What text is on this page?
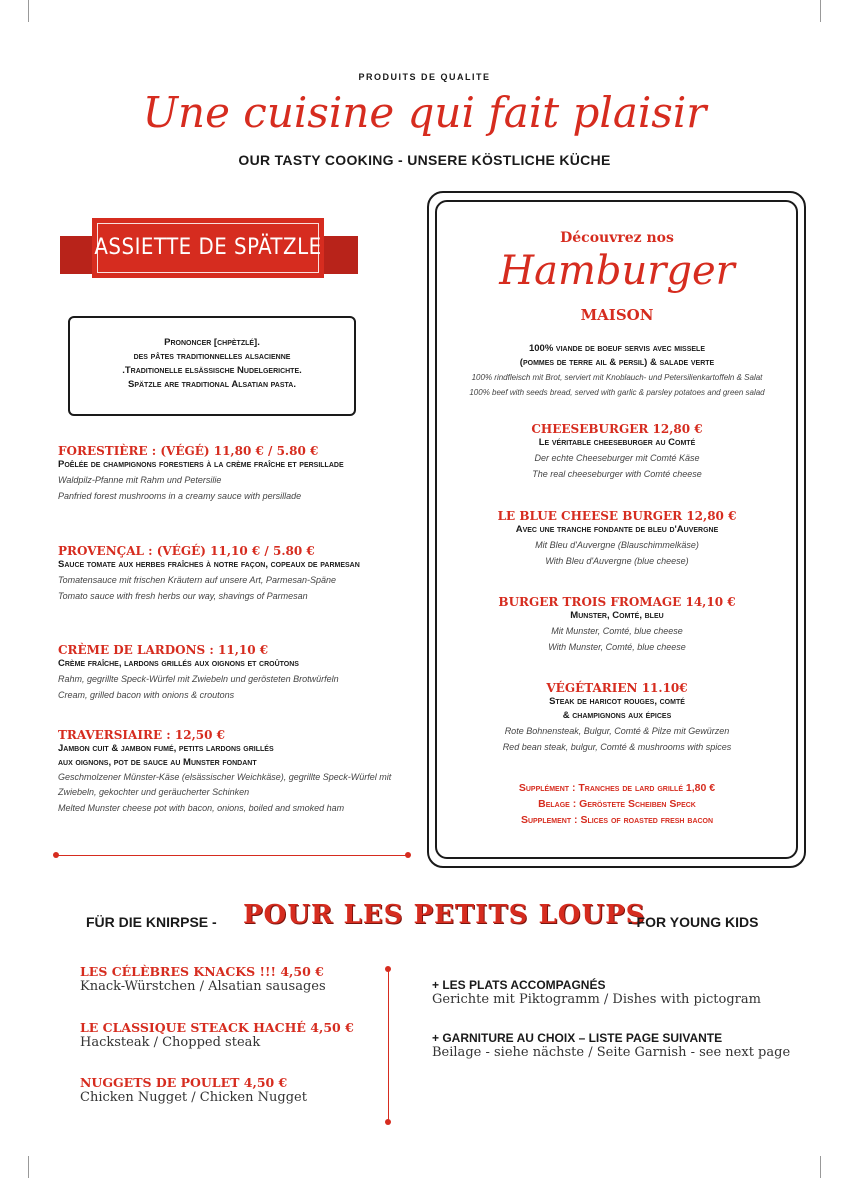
PRODUITS DE QUALITE
Une cuisine qui fait plaisir
OUR TASTY COOKING - UNSERE KÖSTLICHE KÜCHE
ASSIETTE DE SPÄTZLE
Prononcer [chpètzlé].
des pâtes traditionnelles alsacienne
.Traditionelle elsässische Nudelgerichte.
Spätzle are traditional Alsatian pasta.
FORESTIÈRE : (VÉGÉ) 11,80 € / 5.80 €
Poêlée de champignons forestiers à la crème fraîche et persillade
Waldpilz-Pfanne mit Rahm und Petersilie
Panfried forest mushrooms in a creamy sauce with persillade
PROVENÇAL : (VÉGÉ) 11,10 € / 5.80 €
Sauce tomate aux herbes fraîches à notre façon, copeaux de parmesan
Tomatensauce mit frischen Kräutern auf unsere Art, Parmesan-Späne
Tomato sauce with fresh herbs our way, shavings of Parmesan
CRÈME DE LARDONS : 11,10 €
Crème fraîche, lardons grillés aux oignons et croûtons
Rahm, gegrillte Speck-Würfel mit Zwiebeln und gerösteten Brotwürfeln
Cream, grilled bacon with onions & croutons
TRAVERSIAIRE : 12,50 €
Jambon cuit & jambon fumé, petits lardons grillés
aux oignons, pot de sauce au Munster fondant
Geschmolzener Münster-Käse (elsässischer Weichkäse), gegrillte Speck-Würfel mit Zwiebeln, gekochter und geräucherter Schinken
Melted Munster cheese pot with bacon, onions, boiled and smoked ham
Découvrez nos
Hamburger
MAISON
100% viande de boeuf servis avec missele
(pommes de terre ail & persil) & salade verte
100% rindfleisch mit Brot, serviert mit Knoblauch- und Petersilienkartoffeln & Salat
100% beef with seeds bread, served with garlic & parsley potatoes and green salad
CHEESEBURGER 12,80 €
Le véritable cheeseburger au Comté
Der echte Cheeseburger mit Comté Käse
The real cheeseburger with Comté cheese
LE BLUE CHEESE BURGER 12,80 €
Avec une tranche fondante de bleu d'Auvergne
Mit Bleu d'Auvergne (Blauschimmelkäse)
With Bleu d'Auvergne (blue cheese)
BURGER TROIS FROMAGE 14,10 €
Munster, Comté, bleu
Mit Munster, Comté, blue cheese
With Munster, Comté, blue cheese
VÉGÉTARIEN 11.10€
Steak de haricot rouges, comté
& champignons aux épices
Rote Bohnensteak, Bulgur, Comté & Pilze mit Gewürzen
Red bean steak, bulgur, Comté & mushrooms with spices
Supplément : Tranches de lard grillé 1,80 €
Belage : Geröstete Scheiben Speck
Supplement : Slices of roasted fresh bacon
FÜR DIE KNIRPSE - POUR LES PETITS LOUPS
- FOR YOUNG KIDS
LES CÉLÈBRES KNACKS !!! 4,50 €
Knack-Würstchen / Alsatian sausages
LE CLASSIQUE STEACK HACHÉ 4,50 €
Hacksteak / Chopped steak
NUGGETS DE POULET 4,50 €
Chicken Nugget / Chicken Nugget
+ LES PLATS ACCOMPAGNÉS
Gerichte mit Piktogramm / Dishes with pictogram
+ GARNITURE AU CHOIX – LISTE PAGE SUIVANTE
Beilage - siehe nächste / Seite Garnish - see next page
